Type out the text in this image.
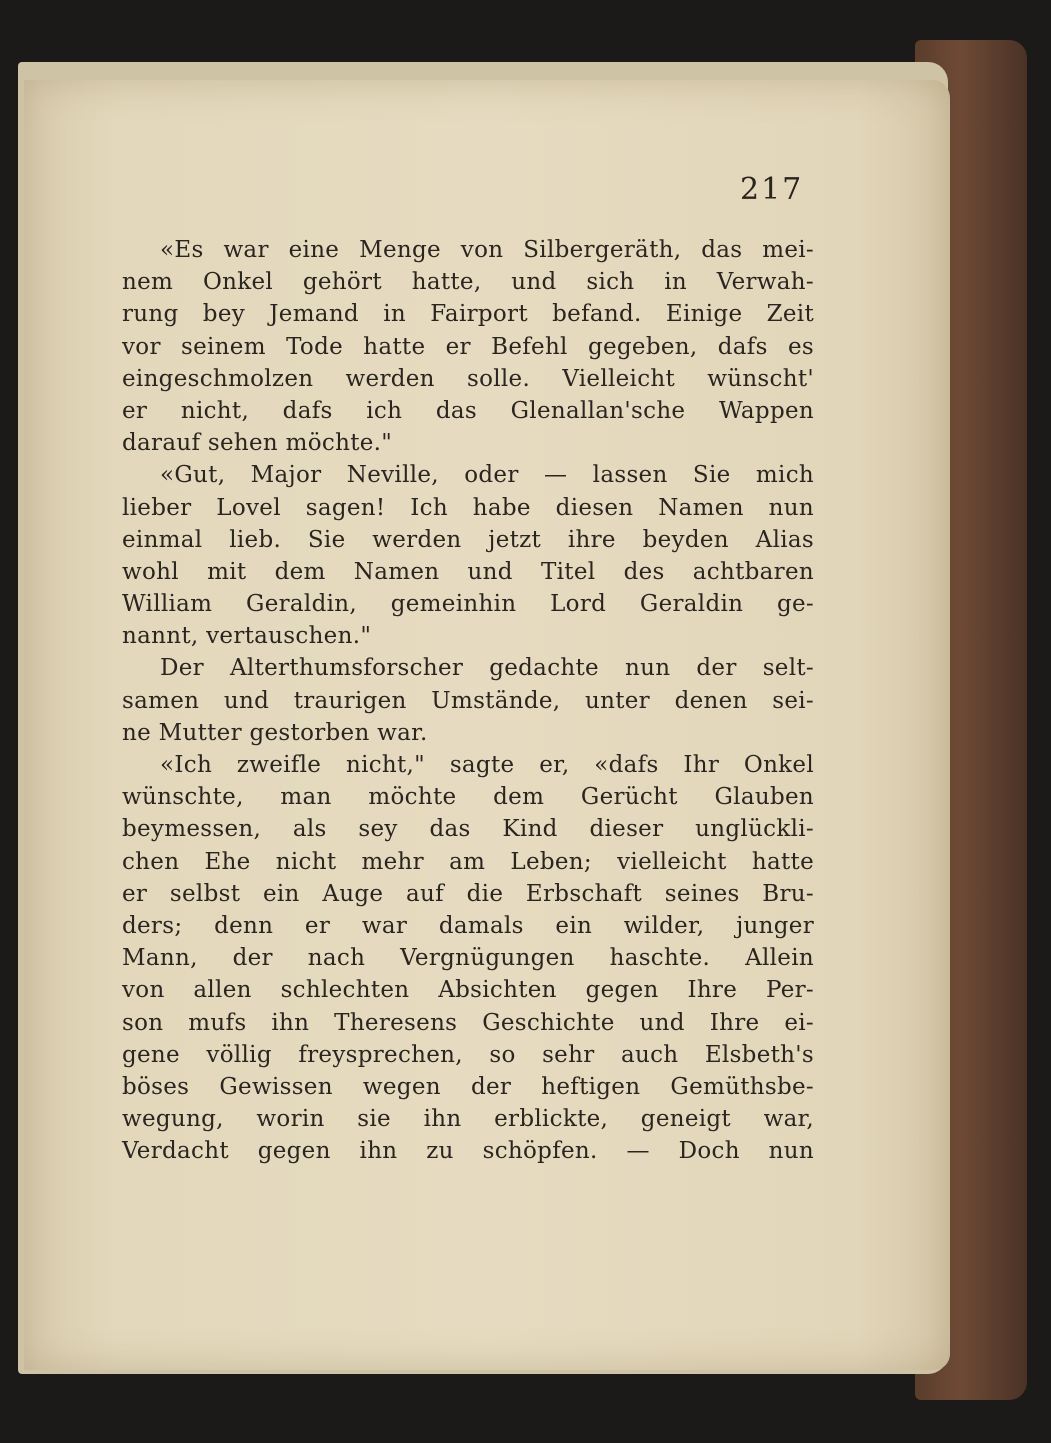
217
«Es war eine Menge von Silbergeräth, das mei-
nem Onkel gehört hatte, und sich in Verwah-
rung bey Jemand in Fairport befand. Einige Zeit
vor seinem Tode hatte er Befehl gegeben, dafs es
eingeschmolzen werden solle. Vielleicht wünscht'
er nicht, dafs ich das Glenallan'sche Wappen
darauf sehen möchte."
«Gut, Major Neville, oder — lassen Sie mich
lieber Lovel sagen! Ich habe diesen Namen nun
einmal lieb. Sie werden jetzt ihre beyden Alias
wohl mit dem Namen und Titel des achtbaren
William Geraldin, gemeinhin Lord Geraldin ge-
nannt, vertauschen."
Der Alterthumsforscher gedachte nun der selt-
samen und traurigen Umstände, unter denen sei-
ne Mutter gestorben war.
«Ich zweifle nicht," sagte er, «dafs Ihr Onkel
wünschte, man möchte dem Gerücht Glauben
beymessen, als sey das Kind dieser unglückli-
chen Ehe nicht mehr am Leben; vielleicht hatte
er selbst ein Auge auf die Erbschaft seines Bru-
ders; denn er war damals ein wilder, junger
Mann, der nach Vergnügungen haschte. Allein
von allen schlechten Absichten gegen Ihre Per-
son mufs ihn Theresens Geschichte und Ihre ei-
gene völlig freysprechen, so sehr auch Elsbeth's
böses Gewissen wegen der heftigen Gemüthsbe-
wegung, worin sie ihn erblickte, geneigt war,
Verdacht gegen ihn zu schöpfen. — Doch nun
